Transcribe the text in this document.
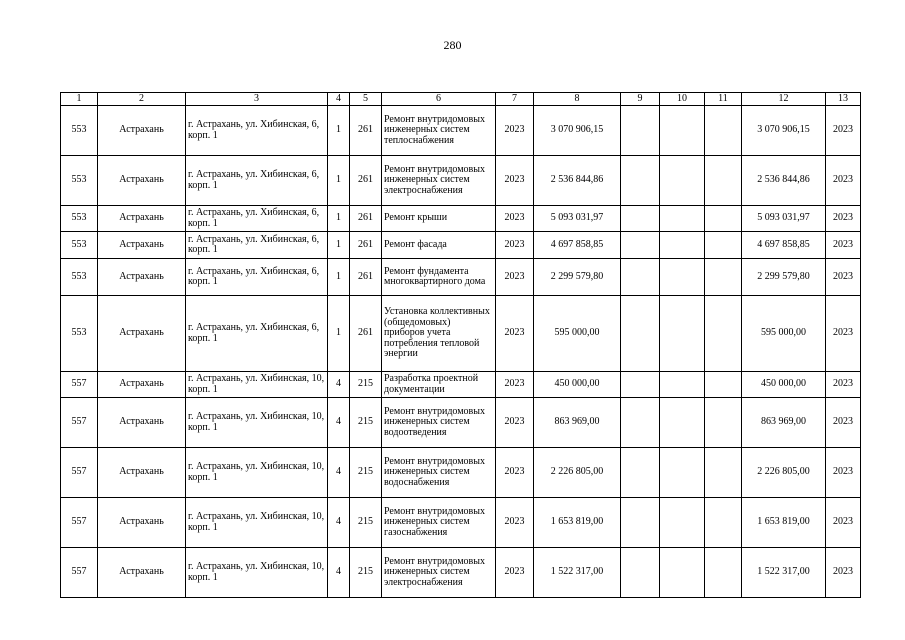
280
1	2	3	4	5	6	7	8	9	10	11	12	13
553	Астрахань	г. Астрахань, ул. Хибинская, 6, корп. 1	1	261	Ремонт внутридомовых инженерных систем теплоснабжения	2023	3 070 906,15				3 070 906,15	2023
553	Астрахань	г. Астрахань, ул. Хибинская, 6, корп. 1	1	261	Ремонт внутридомовых инженерных систем электроснабжения	2023	2 536 844,86				2 536 844,86	2023
553	Астрахань	г. Астрахань, ул. Хибинская, 6, корп. 1	1	261	Ремонт крыши	2023	5 093 031,97				5 093 031,97	2023
553	Астрахань	г. Астрахань, ул. Хибинская, 6, корп. 1	1	261	Ремонт фасада	2023	4 697 858,85				4 697 858,85	2023
553	Астрахань	г. Астрахань, ул. Хибинская, 6, корп. 1	1	261	Ремонт фундамента многоквартирного дома	2023	2 299 579,80				2 299 579,80	2023
553	Астрахань	г. Астрахань, ул. Хибинская, 6, корп. 1	1	261	Установка коллективных (общедомовых) приборов учета потребления тепловой энергии	2023	595 000,00				595 000,00	2023
557	Астрахань	г. Астрахань, ул. Хибинская, 10, корп. 1	4	215	Разработка проектной документации	2023	450 000,00				450 000,00	2023
557	Астрахань	г. Астрахань, ул. Хибинская, 10, корп. 1	4	215	Ремонт внутридомовых инженерных систем водоотведения	2023	863 969,00				863 969,00	2023
557	Астрахань	г. Астрахань, ул. Хибинская, 10, корп. 1	4	215	Ремонт внутридомовых инженерных систем водоснабжения	2023	2 226 805,00				2 226 805,00	2023
557	Астрахань	г. Астрахань, ул. Хибинская, 10, корп. 1	4	215	Ремонт внутридомовых инженерных систем газоснабжения	2023	1 653 819,00				1 653 819,00	2023
557	Астрахань	г. Астрахань, ул. Хибинская, 10, корп. 1	4	215	Ремонт внутридомовых инженерных систем электроснабжения	2023	1 522 317,00				1 522 317,00	2023
